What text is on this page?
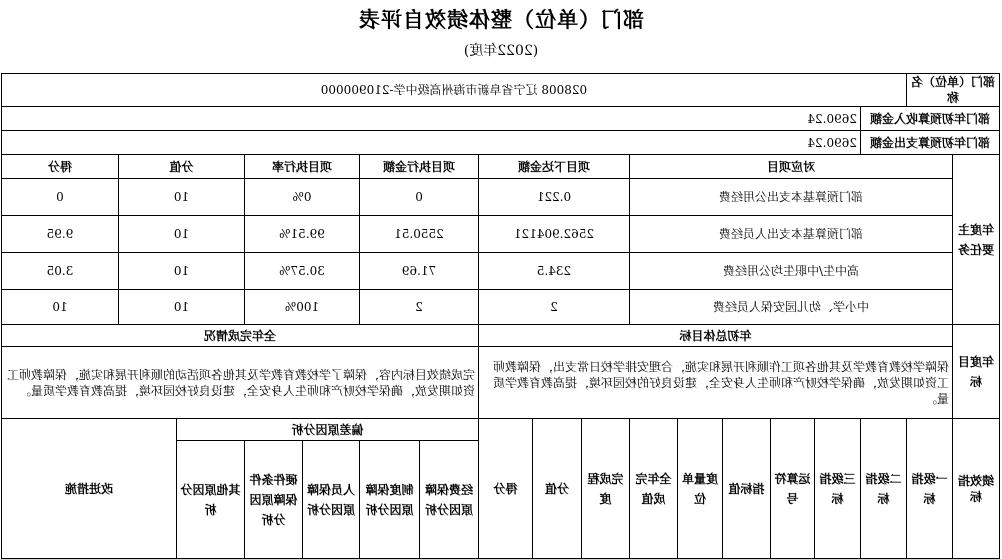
部门（单位）整体绩效自评表
(2022年度)
部门（单位）名称		028008 辽宁省阜新市海州高级中学-210900000															
部门年初预算收入金额			2690.24														
部门年初预算支出金额			2690.24														
年度主要任务	对应项目							项目下达金额			项目执行金额		项目执行率		分值		得分
	部门预算基本支出公用经费							0.221			0		0%		10		0
	部门预算基本支出人员经费							2562.904121			2550.51		99.51%		10		9.95
	高中生/中职生均公用经费							234.5			71.69		30.57%		10		3.05
	中小学、幼儿园安保人员经费							2			2		100%		10		10
年度目标	年初总体目标										全年完成情况						
	保障学校教育教学及其他各项工作顺利开展和实施，合理安排学校日常支出，保障教师工资如期发放，确保学校财产和师生人身安全，建设良好的校园环境，提高教育教学质量。										完成绩效目标内容，保障了学校教育教学及其他各项活动的顺利开展和实施，保障教师工资如期发放，确保学校财产和师生人身安全，建设良好校园环境，提高教育教学质量。						
绩效指标	一级指标	二级指标	三级指标	运算符号	指标值	度量单位	全年完成值	完成程度	分值	得分	偏差原因分析					改进措施	
											经费保障原因分析	制度保障原因分析	人员保障原因分析	硬件条件保障原因分析	其他原因分析		
